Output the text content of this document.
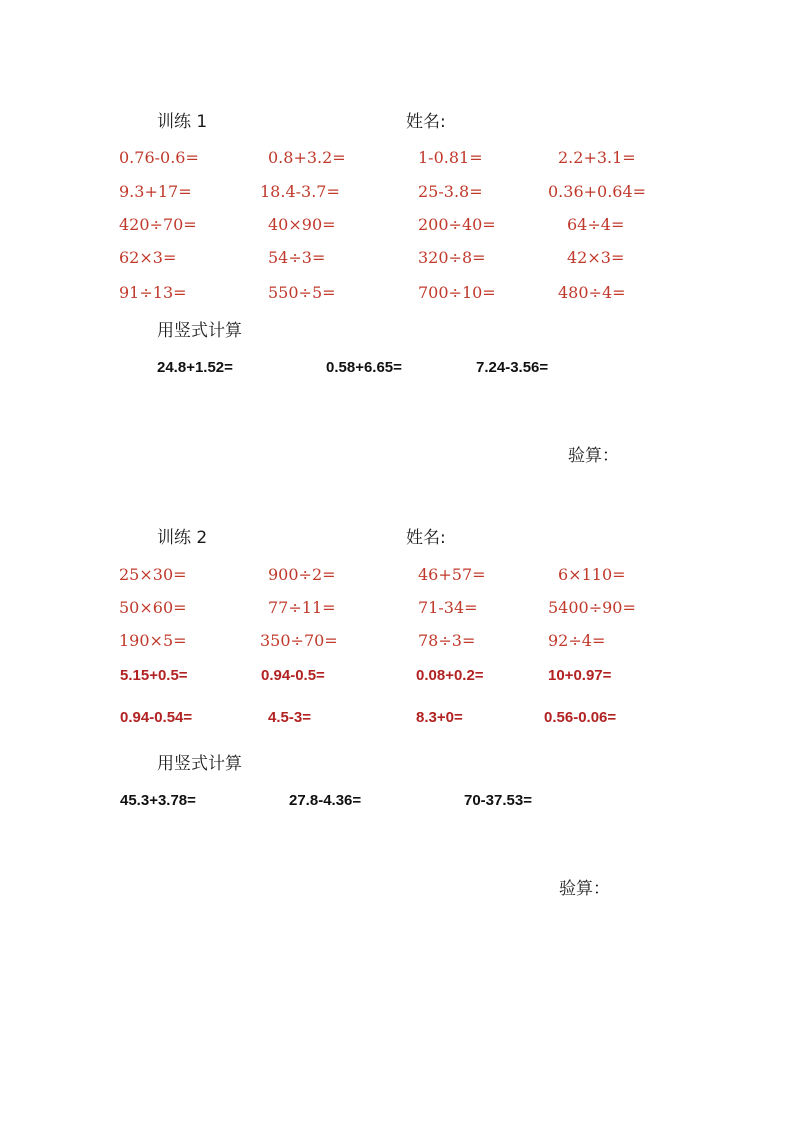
训练 1	姓名:
0.76-0.6=	0.8+3.2=	1-0.81=	2.2+3.1=
9.3+17=	18.4-3.7=	25-3.8=	0.36+0.64=
420÷70=	40×90=	200÷40=	64÷4=
62×3=	54÷3=	320÷8=	42×3=
91÷13=	550÷5=	700÷10=	480÷4=
用竖式计算
24.8+1.52=	0.58+6.65=	7.24-3.56=
验算：
训练 2	姓名:
25×30=	900÷2=	46+57=	6×110=
50×60=	77÷11=	71-34=	5400÷90=
190×5=	350÷70=	78÷3=	92÷4=
5.15+0.5=	0.94-0.5=	0.08+0.2=	10+0.97=
0.94-0.54=	4.5-3=	8.3+0=	0.56-0.06=
用竖式计算
45.3+3.78=	27.8-4.36=	70-37.53=
验算：
